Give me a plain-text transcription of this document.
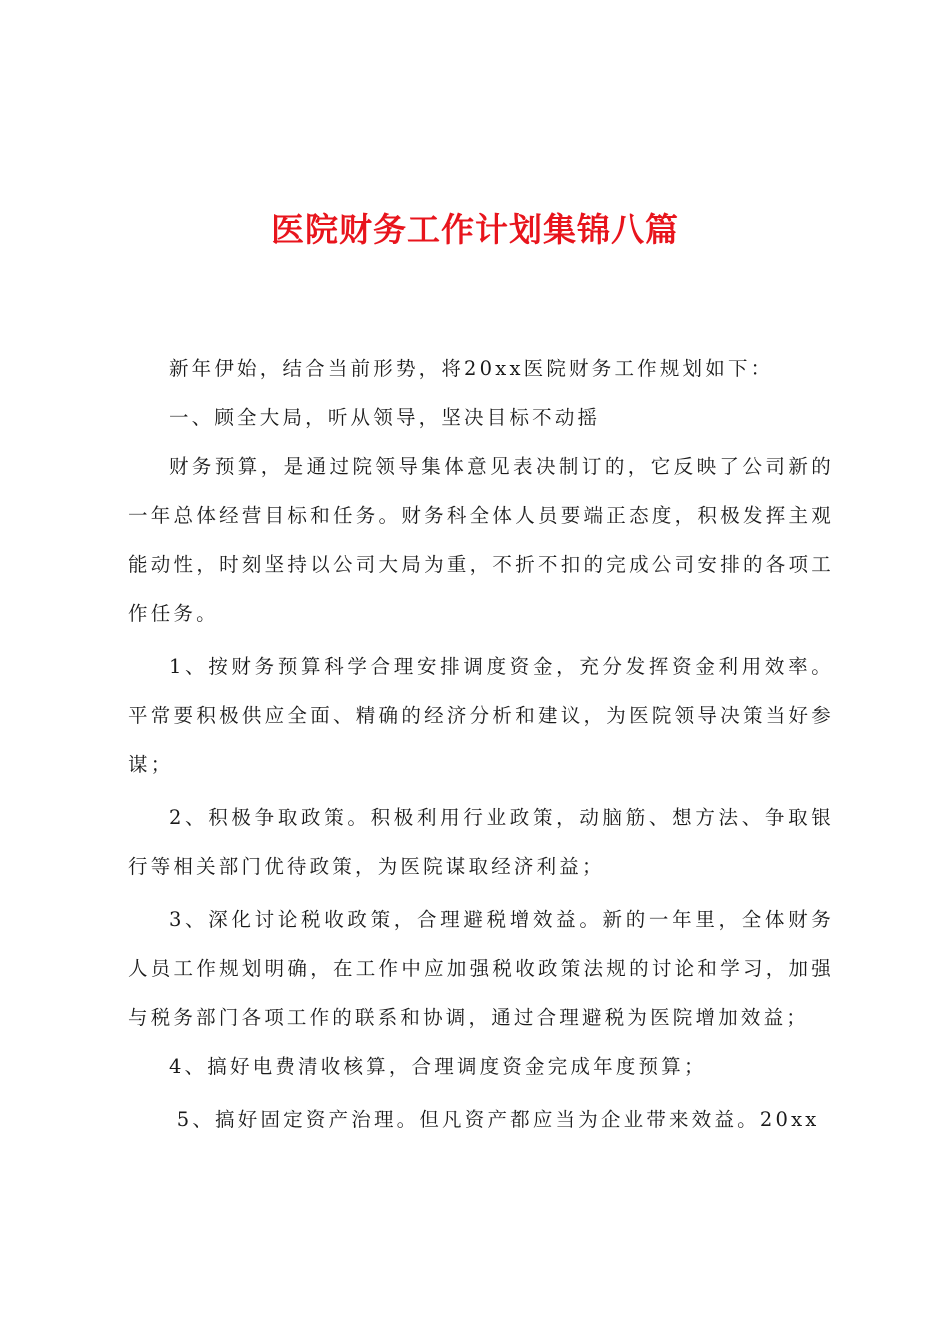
医院财务工作计划集锦八篇

新年伊始，结合当前形势，将20xx医院财务工作规划如下：

一、顾全大局，听从领导，坚决目标不动摇

财务预算，是通过院领导集体意见表决制订的，它反映了公司新的一年总体经营目标和任务。财务科全体人员要端正态度，积极发挥主观能动性，时刻坚持以公司大局为重，不折不扣的完成公司安排的各项工作任务。

1、按财务预算科学合理安排调度资金，充分发挥资金利用效率。平常要积极供应全面、精确的经济分析和建议，为医院领导决策当好参谋；

2、积极争取政策。积极利用行业政策，动脑筋、想方法、争取银行等相关部门优待政策，为医院谋取经济利益；

3、深化讨论税收政策，合理避税增效益。新的一年里，全体财务人员工作规划明确，在工作中应加强税收政策法规的讨论和学习，加强与税务部门各项工作的联系和协调，通过合理避税为医院增加效益；

4、搞好电费清收核算，合理调度资金完成年度预算；

5、搞好固定资产治理。但凡资产都应当为企业带来效益。20xx
